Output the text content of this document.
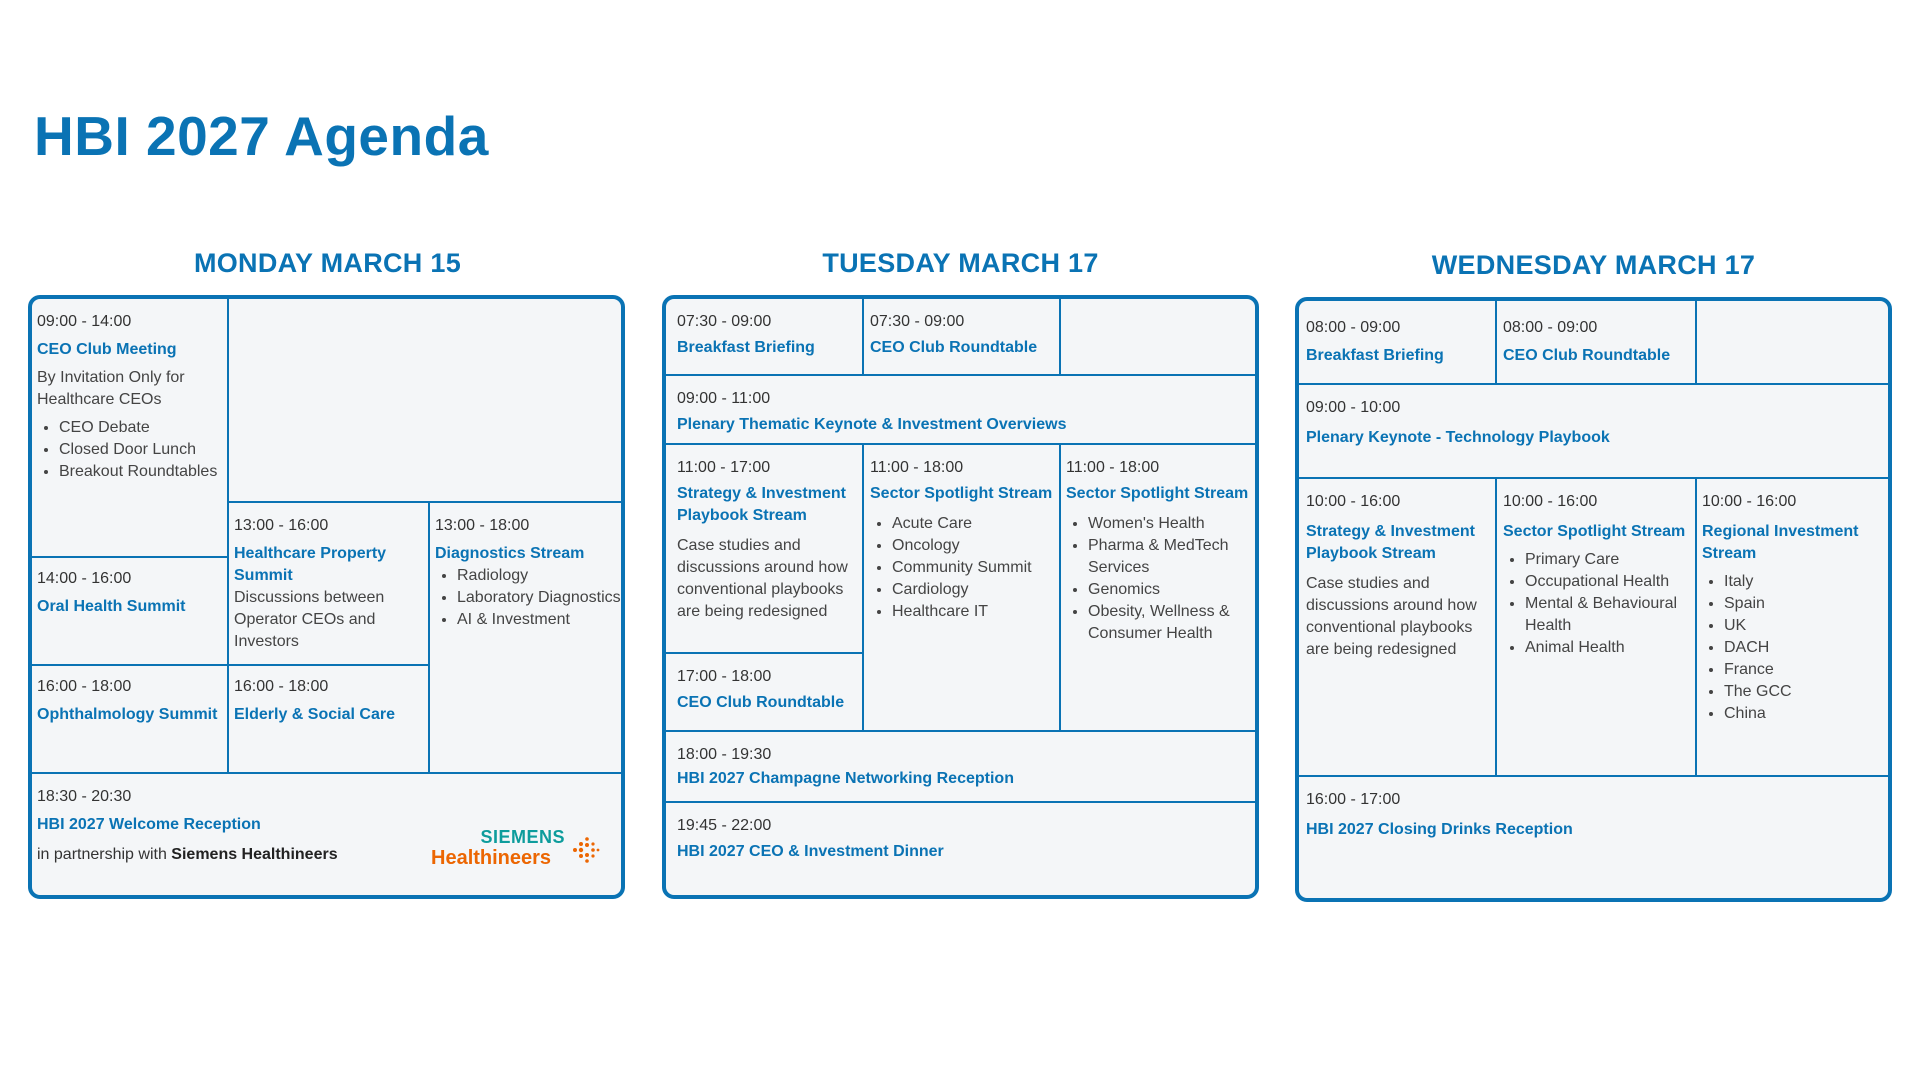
HBI 2027 Agenda
MONDAY MARCH 15
09:00 - 14:00
CEO Club Meeting
By Invitation Only for Healthcare CEOs
• CEO Debate
• Closed Door Lunch
• Breakout Roundtables
14:00 - 16:00
Oral Health Summit
13:00 - 16:00
Healthcare Property Summit
Discussions between Operator CEOs and Investors
13:00 - 18:00
Diagnostics Stream
• Radiology
• Laboratory Diagnostics
• AI & Investment
16:00 - 18:00
Ophthalmology Summit
16:00 - 18:00
Elderly & Social Care
18:30 - 20:30
HBI 2027 Welcome Reception
in partnership with Siemens Healthineers
SIEMENS
Healthineers
TUESDAY MARCH 17
07:30 - 09:00
Breakfast Briefing
07:30 - 09:00
CEO Club Roundtable
09:00 - 11:00
Plenary Thematic Keynote & Investment Overviews
11:00 - 17:00
Strategy & Investment Playbook Stream
Case studies and discussions around how conventional playbooks are being redesigned
11:00 - 18:00
Sector Spotlight Stream
• Acute Care
• Oncology
• Community Summit
• Cardiology
• Healthcare IT
11:00 - 18:00
Sector Spotlight Stream
• Women's Health
• Pharma & MedTech Services
• Genomics
• Obesity, Wellness & Consumer Health
17:00 - 18:00
CEO Club Roundtable
18:00 - 19:30
HBI 2027 Champagne Networking Reception
19:45 - 22:00
HBI 2027 CEO & Investment Dinner
WEDNESDAY MARCH 17
08:00 - 09:00
Breakfast Briefing
08:00 - 09:00
CEO Club Roundtable
09:00 - 10:00
Plenary Keynote - Technology Playbook
10:00 - 16:00
Strategy & Investment Playbook Stream
Case studies and discussions around how conventional playbooks are being redesigned
10:00 - 16:00
Sector Spotlight Stream
• Primary Care
• Occupational Health
• Mental & Behavioural Health
• Animal Health
10:00 - 16:00
Regional Investment Stream
• Italy
• Spain
• UK
• DACH
• France
• The GCC
• China
16:00 - 17:00
HBI 2027 Closing Drinks Reception
